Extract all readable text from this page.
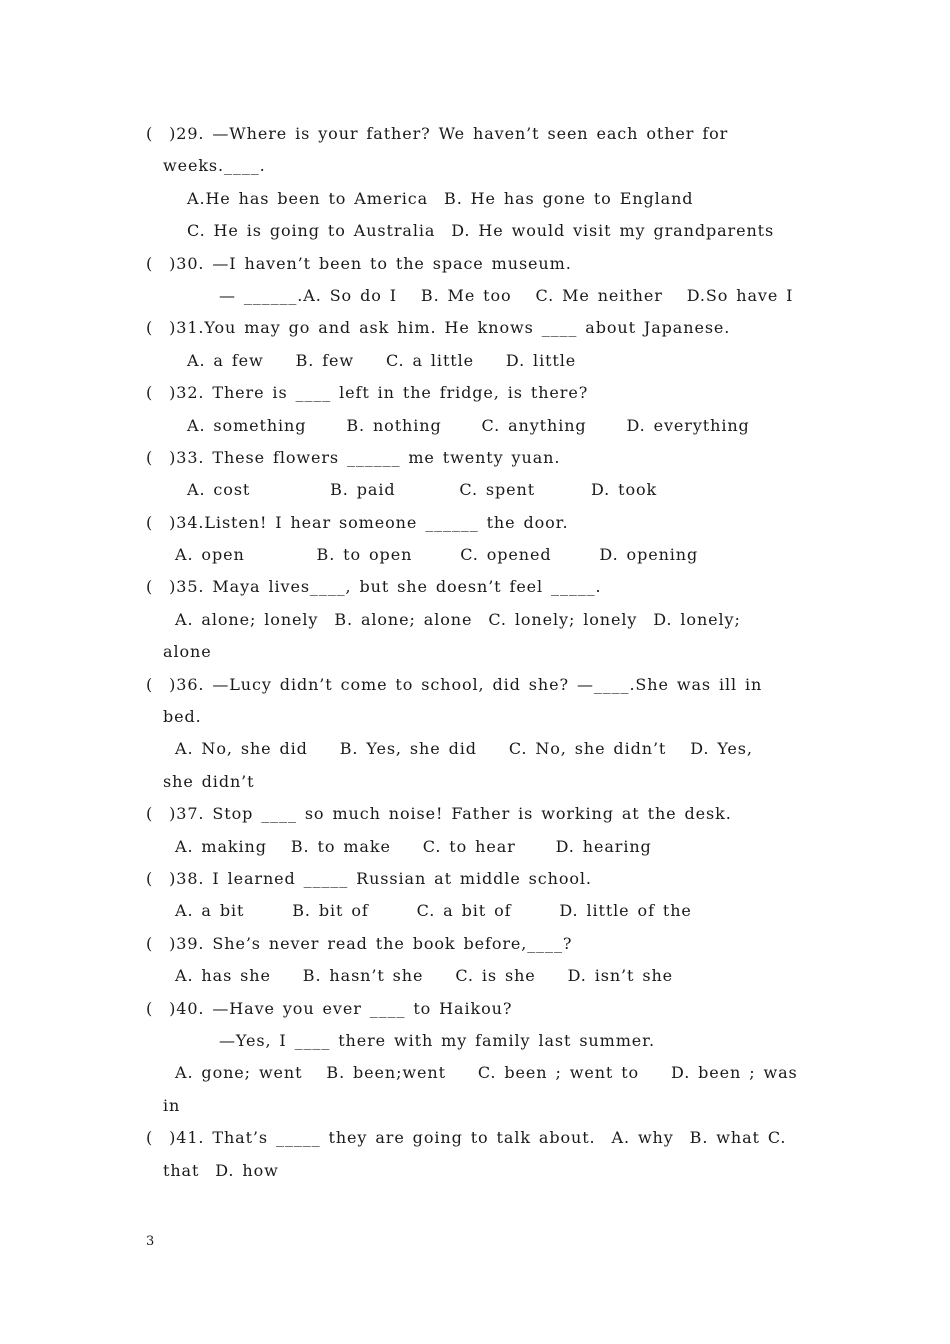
(  )29. —Where is your father? We haven’t seen each other for
weeks.____.
A.He has been to America  B. He has gone to England
C. He is going to Australia  D. He would visit my grandparents
(  )30. —I haven’t been to the space museum.
— ______.A. So do I   B. Me too   C. Me neither   D.So have I
(  )31.You may go and ask him. He knows ____ about Japanese.
A. a few    B. few    C. a little    D. little
(  )32. There is ____ left in the fridge, is there?
A. something     B. nothing     C. anything     D. everything
(  )33. These flowers ______ me twenty yuan.
A. cost          B. paid        C. spent       D. took
(  )34.Listen! I hear someone ______ the door.
A. open         B. to open      C. opened      D. opening
(  )35. Maya lives____, but she doesn’t feel _____.
A. alone; lonely  B. alone; alone  C. lonely; lonely  D. lonely;
alone
(  )36. —Lucy didn’t come to school, did she? —____.She was ill in
bed.
A. No, she did    B. Yes, she did    C. No, she didn’t   D. Yes,
she didn’t
(  )37. Stop ____ so much noise! Father is working at the desk.
A. making   B. to make    C. to hear     D. hearing
(  )38. I learned _____ Russian at middle school.
A. a bit      B. bit of      C. a bit of      D. little of the
(  )39. She’s never read the book before,____?
A. has she    B. hasn’t she    C. is she    D. isn’t she
(  )40. —Have you ever ____ to Haikou?
—Yes, I ____ there with my family last summer.
A. gone; went   B. been;went    C. been ; went to    D. been ; was
in
(  )41. That’s _____ they are going to talk about.  A. why  B. what C.
that  D. how
3
